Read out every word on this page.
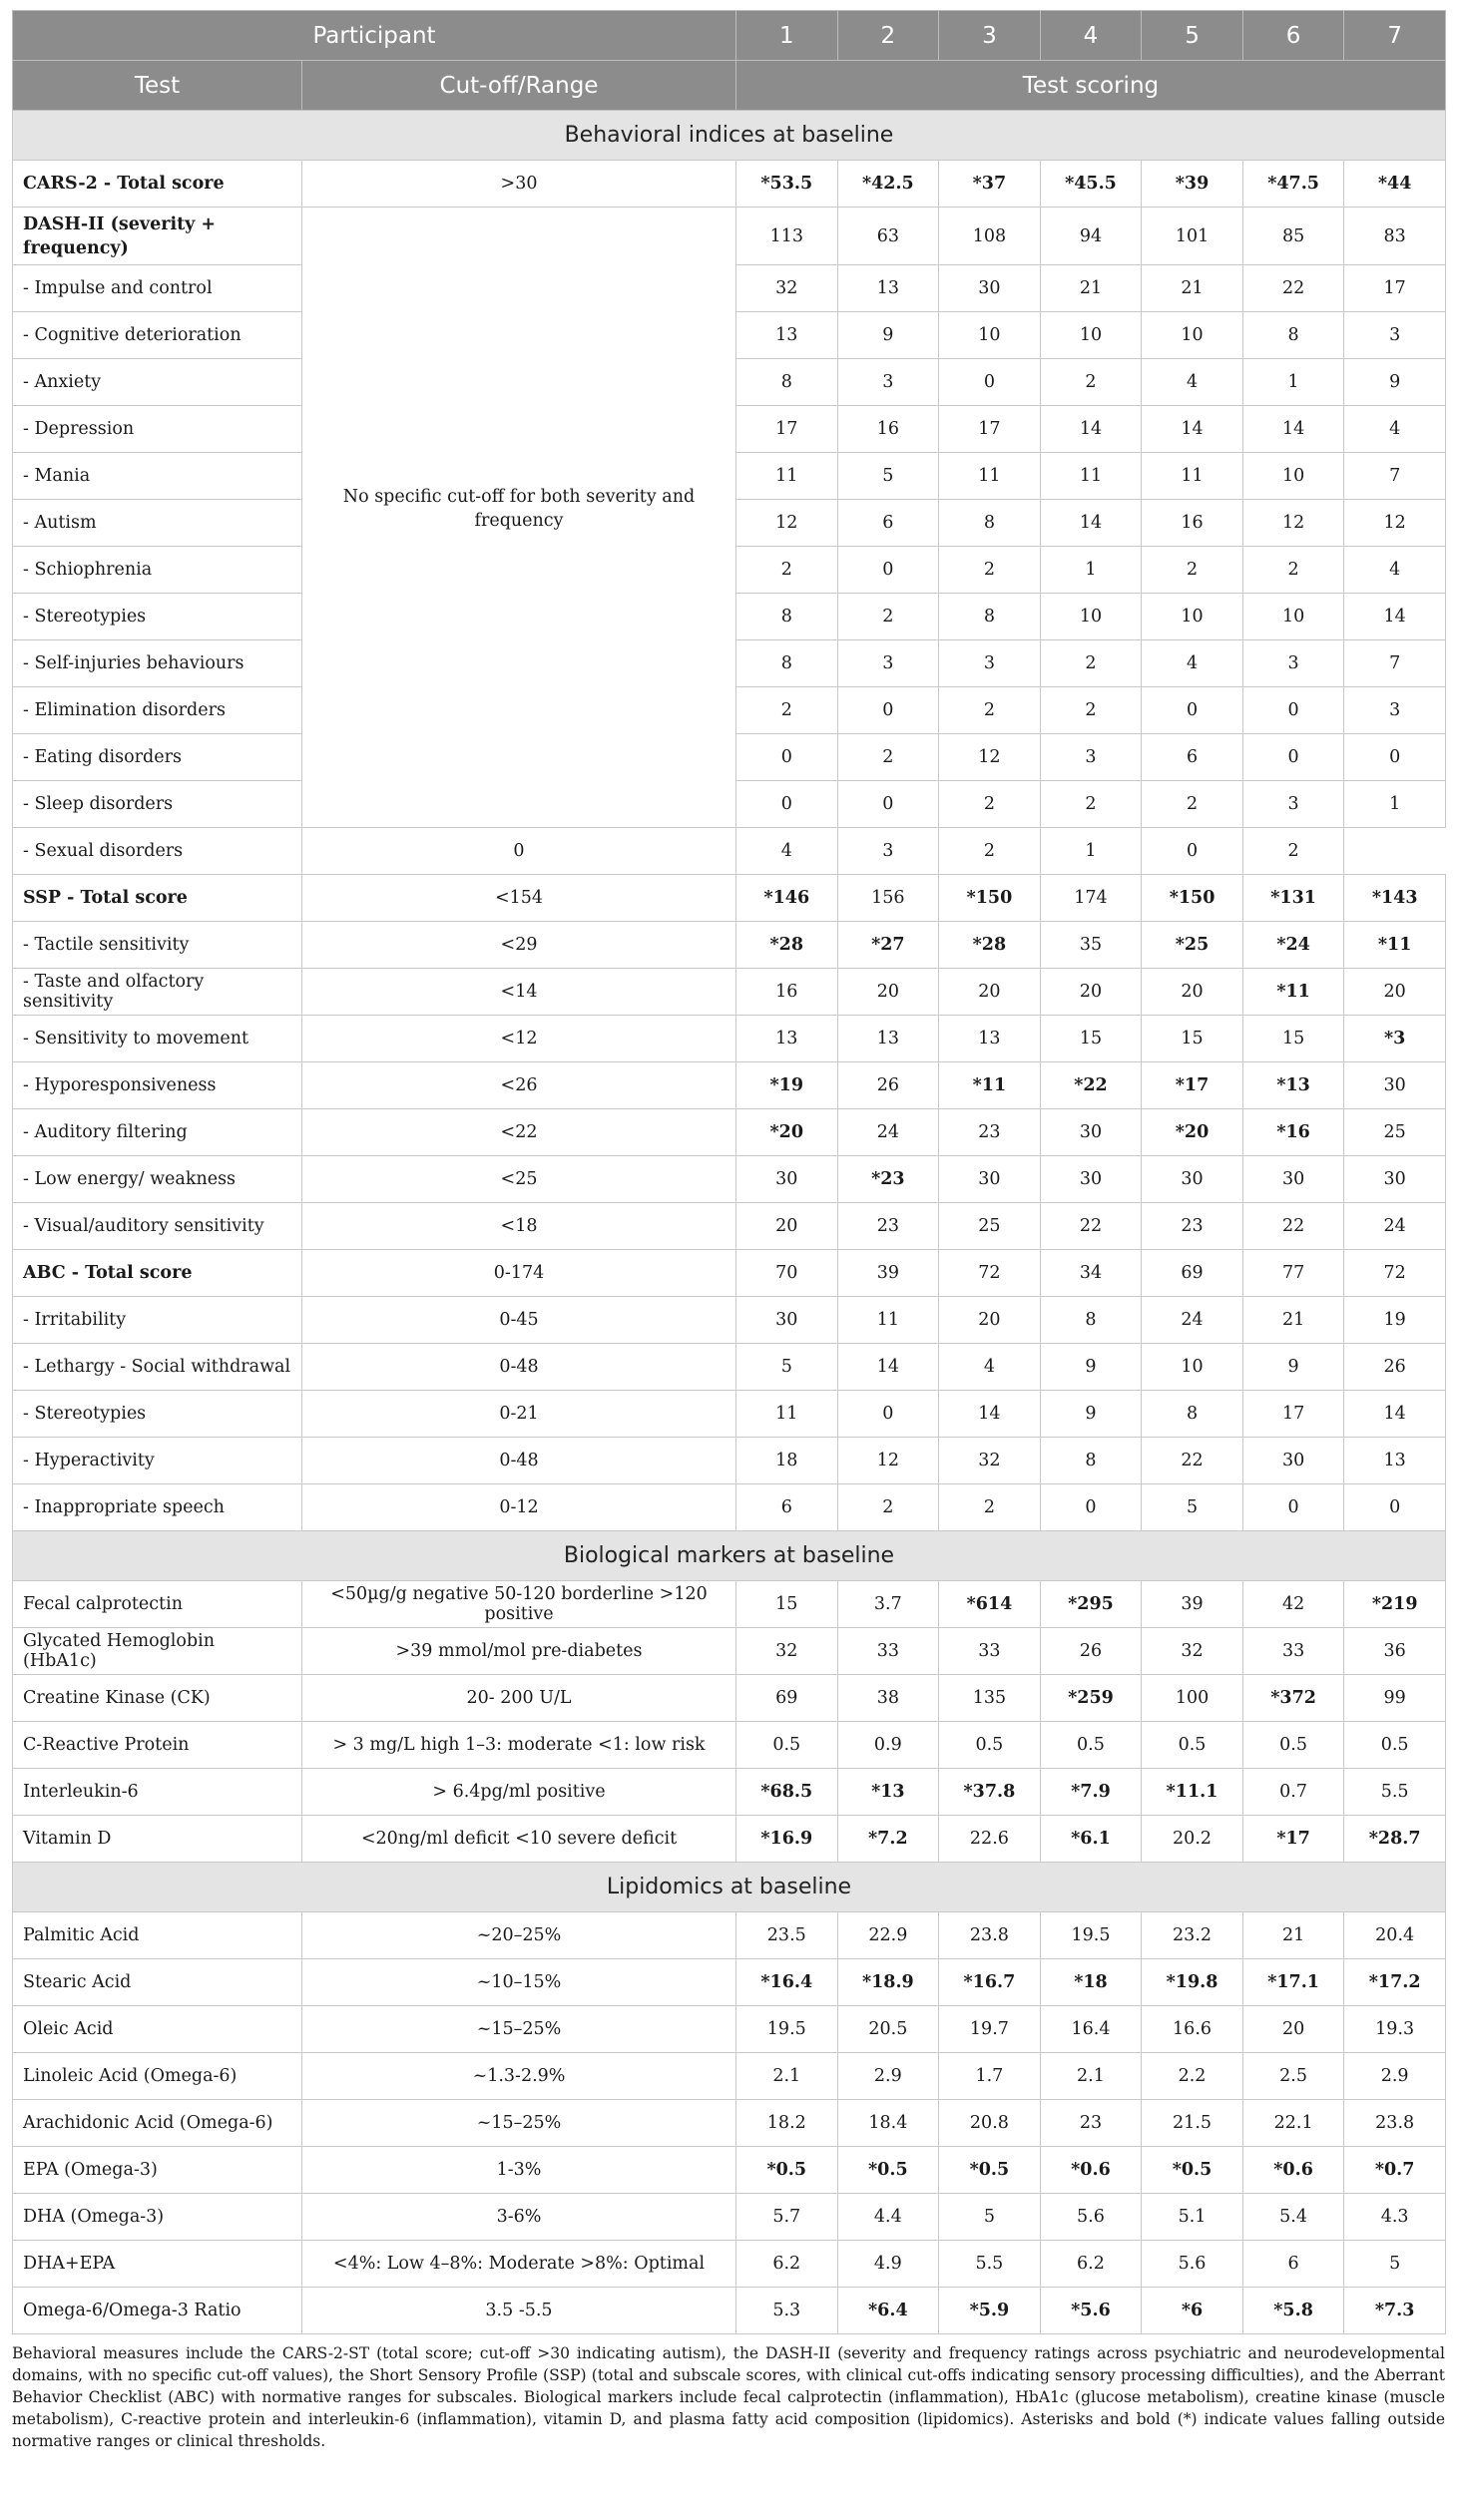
Participant		1	2	3	4	5	6	7
Test	Cut-off/Range	Test scoring						
Behavioral indices at baseline								
CARS-2 - Total score	>30	*53.5	*42.5	*37	*45.5	*39	*47.5	*44
DASH-II (severity + frequency)	No specific cut-off for both severity and frequency	113	63	108	94	101	85	83
- Impulse and control		32	13	30	21	21	22	17
- Cognitive deterioration		13	9	10	10	10	8	3
- Anxiety		8	3	0	2	4	1	9
- Depression		17	16	17	14	14	14	4
- Mania		11	5	11	11	11	10	7
- Autism		12	6	8	14	16	12	12
- Schiophrenia		2	0	2	1	2	2	4
- Stereotypies		8	2	8	10	10	10	14
- Self-injuries behaviours		8	3	3	2	4	3	7
- Elimination disorders		2	0	2	2	0	0	3
- Eating disorders		0	2	12	3	6	0	0
- Sleep disorders		0	0	2	2	2	3	1
- Sexual disorders	0	4	3	2	1	0	2	
SSP - Total score	<154	*146	156	*150	174	*150	*131	*143
- Tactile sensitivity	<29	*28	*27	*28	35	*25	*24	*11
- Taste and olfactory sensitivity	<14	16	20	20	20	20	*11	20
- Sensitivity to movement	<12	13	13	13	15	15	15	*3
- Hyporesponsiveness	<26	*19	26	*11	*22	*17	*13	30
- Auditory filtering	<22	*20	24	23	30	*20	*16	25
- Low energy/ weakness	<25	30	*23	30	30	30	30	30
- Visual/auditory sensitivity	<18	20	23	25	22	23	22	24
ABC - Total score	0-174	70	39	72	34	69	77	72
- Irritability	0-45	30	11	20	8	24	21	19
- Lethargy - Social withdrawal	0-48	5	14	4	9	10	9	26
- Stereotypies	0-21	11	0	14	9	8	17	14
- Hyperactivity	0-48	18	12	32	8	22	30	13
- Inappropriate speech	0-12	6	2	2	0	5	0	0
Biological markers at baseline								
Fecal calprotectin	<50µg/g negative 50-120 borderline >120 positive	15	3.7	*614	*295	39	42	*219
Glycated Hemoglobin (HbA1c)	>39 mmol/mol pre-diabetes	32	33	33	26	32	33	36
Creatine Kinase (CK)	20- 200 U/L	69	38	135	*259	100	*372	99
C-Reactive Protein	> 3 mg/L high 1–3: moderate <1: low risk	0.5	0.9	0.5	0.5	0.5	0.5	0.5
Interleukin-6	> 6.4pg/ml positive	*68.5	*13	*37.8	*7.9	*11.1	0.7	5.5
Vitamin D	<20ng/ml deficit <10 severe deficit	*16.9	*7.2	22.6	*6.1	20.2	*17	*28.7
Lipidomics at baseline								
Palmitic Acid	~20–25%	23.5	22.9	23.8	19.5	23.2	21	20.4
Stearic Acid	~10–15%	*16.4	*18.9	*16.7	*18	*19.8	*17.1	*17.2
Oleic Acid	~15–25%	19.5	20.5	19.7	16.4	16.6	20	19.3
Linoleic Acid (Omega-6)	~1.3-2.9%	2.1	2.9	1.7	2.1	2.2	2.5	2.9
Arachidonic Acid (Omega-6)	~15–25%	18.2	18.4	20.8	23	21.5	22.1	23.8
EPA (Omega-3)	1-3%	*0.5	*0.5	*0.5	*0.6	*0.5	*0.6	*0.7
DHA (Omega-3)	3-6%	5.7	4.4	5	5.6	5.1	5.4	4.3
DHA+EPA	<4%: Low 4–8%: Moderate >8%: Optimal	6.2	4.9	5.5	6.2	5.6	6	5
Omega-6/Omega-3 Ratio	3.5 -5.5	5.3	*6.4	*5.9	*5.6	*6	*5.8	*7.3
Behavioral measures include the CARS-2-ST (total score; cut-off >30 indicating autism), the DASH-II (severity and frequency ratings across psychiatric and neurodevelopmental domains, with no specific cut-off values), the Short Sensory Profile (SSP) (total and subscale scores, with clinical cut-offs indicating sensory processing difficulties), and the Aberrant Behavior Checklist (ABC) with normative ranges for subscales. Biological markers include fecal calprotectin (inflammation), HbA1c (glucose metabolism), creatine kinase (muscle metabolism), C-reactive protein and interleukin-6 (inflammation), vitamin D, and plasma fatty acid composition (lipidomics). Asterisks and bold (*) indicate values falling outside normative ranges or clinical thresholds.
